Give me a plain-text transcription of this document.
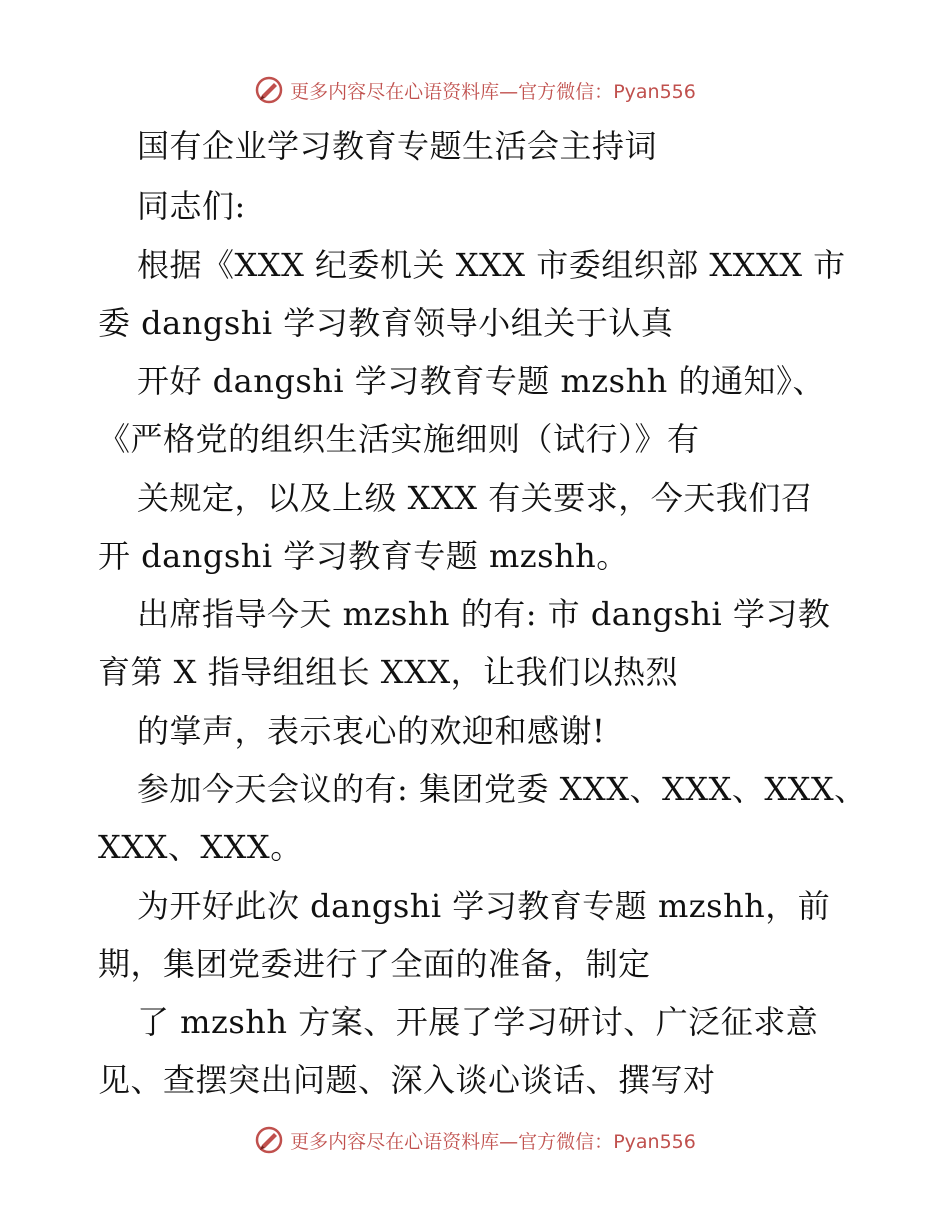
更多内容尽在心语资料库—官方微信：Pyan556
国有企业学习教育专题生活会主持词
同志们:
根据《XXX 纪委机关 XXX 市委组织部 XXXX 市
委 dangshi 学习教育领导小组关于认真
开好 dangshi 学习教育专题 mzshh 的通知》、
《严格党的组织生活实施细则（试行）》有
关规定，以及上级 XXX 有关要求，今天我们召
开 dangshi 学习教育专题 mzshh。
出席指导今天 mzshh 的有: 市 dangshi 学习教
育第 X 指导组组长 XXX，让我们以热烈
的掌声，表示衷心的欢迎和感谢!
参加今天会议的有: 集团党委 XXX、XXX、XXX、
XXX、XXX。
为开好此次 dangshi 学习教育专题 mzshh，前
期，集团党委进行了全面的准备，制定
了 mzshh 方案、开展了学习研讨、广泛征求意
见、查摆突出问题、深入谈心谈话、撰写对
更多内容尽在心语资料库—官方微信：Pyan556
